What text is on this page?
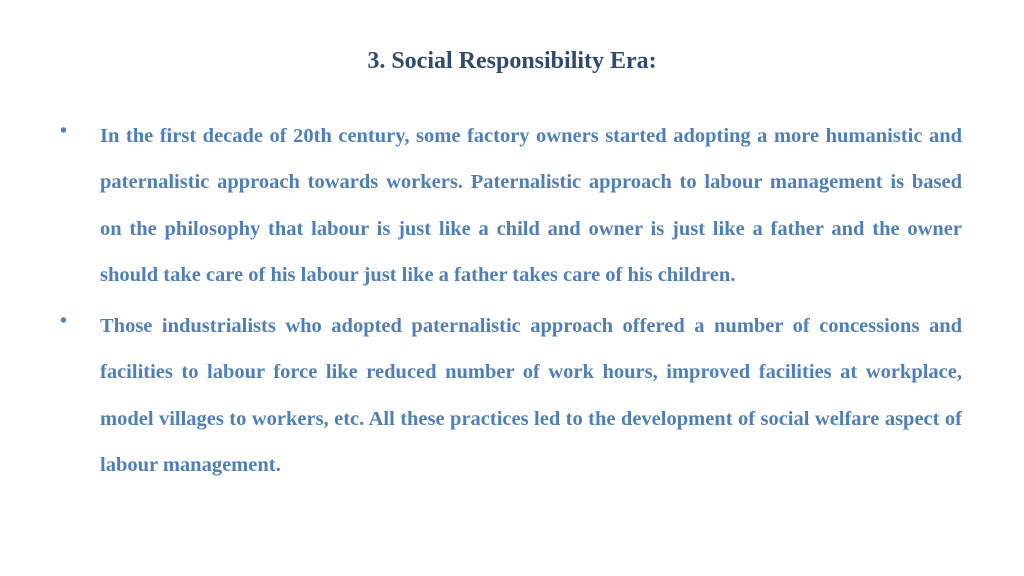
3. Social Responsibility Era:
•	In the first decade of 20th century, some factory owners started adopting a more humanistic and paternalistic approach towards workers. Paternalistic approach to labour management is based on the philosophy that labour is just like a child and owner is just like a father and the owner should take care of his labour just like a father takes care of his children.
•	Those industrialists who adopted paternalistic approach offered a number of concessions and facilities to labour force like reduced number of work hours, improved facilities at workplace, model villages to workers, etc. All these practices led to the development of social welfare aspect of labour management.
